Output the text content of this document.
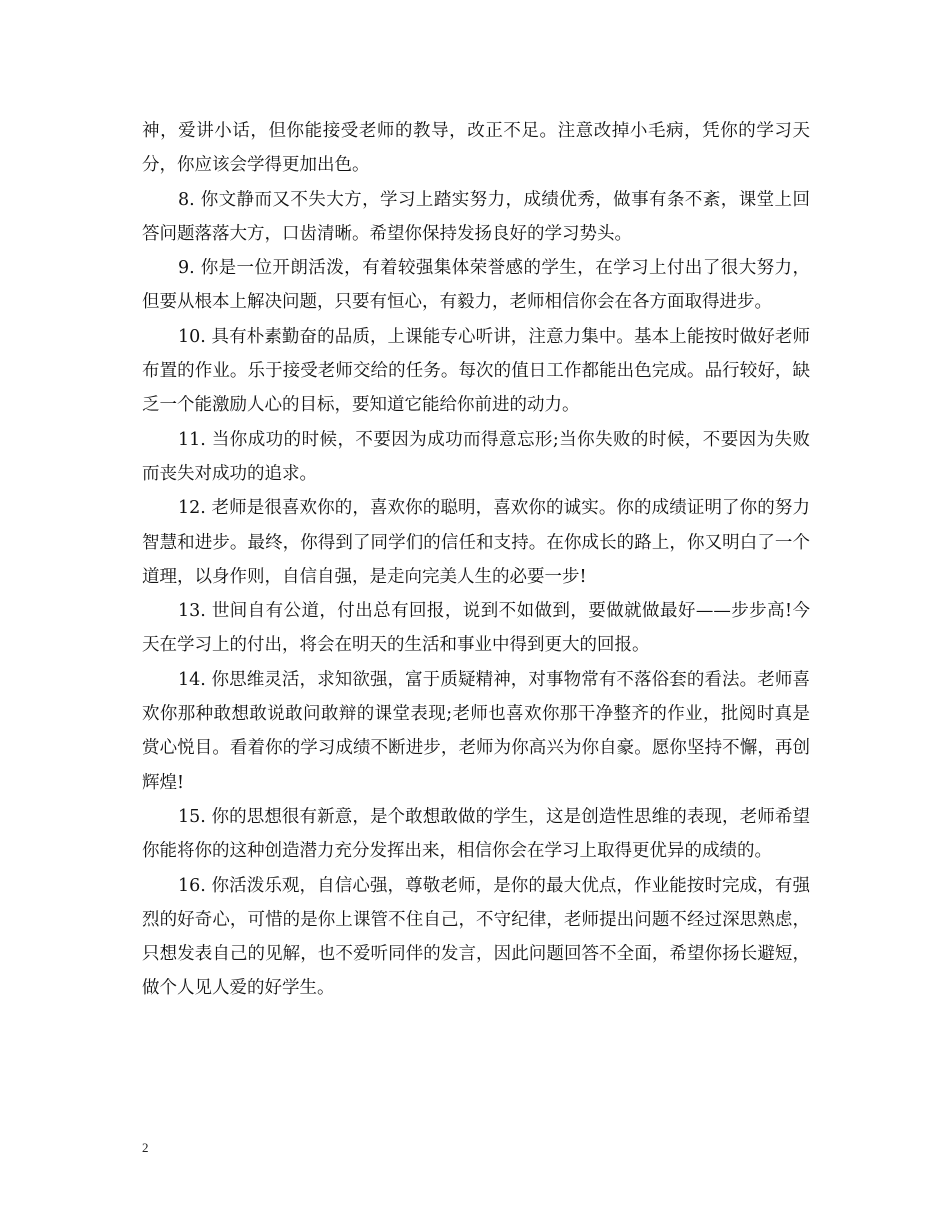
神，爱讲小话，但你能接受老师的教导，改正不足。注意改掉小毛病，凭你的学习天分，你应该会学得更加出色。

8. 你文静而又不失大方，学习上踏实努力，成绩优秀，做事有条不紊，课堂上回答问题落落大方，口齿清晰。希望你保持发扬良好的学习势头。

9. 你是一位开朗活泼，有着较强集体荣誉感的学生，在学习上付出了很大努力，但要从根本上解决问题，只要有恒心，有毅力，老师相信你会在各方面取得进步。

10. 具有朴素勤奋的品质，上课能专心听讲，注意力集中。基本上能按时做好老师布置的作业。乐于接受老师交给的任务。每次的值日工作都能出色完成。品行较好，缺乏一个能激励人心的目标，要知道它能给你前进的动力。

11. 当你成功的时候，不要因为成功而得意忘形;当你失败的时候，不要因为失败而丧失对成功的追求。

12. 老师是很喜欢你的，喜欢你的聪明，喜欢你的诚实。你的成绩证明了你的努力智慧和进步。最终，你得到了同学们的信任和支持。在你成长的路上，你又明白了一个道理，以身作则，自信自强，是走向完美人生的必要一步!

13. 世间自有公道，付出总有回报，说到不如做到，要做就做最好——步步高!今天在学习上的付出，将会在明天的生活和事业中得到更大的回报。

14. 你思维灵活，求知欲强，富于质疑精神，对事物常有不落俗套的看法。老师喜欢你那种敢想敢说敢问敢辩的课堂表现;老师也喜欢你那干净整齐的作业，批阅时真是赏心悦目。看着你的学习成绩不断进步，老师为你高兴为你自豪。愿你坚持不懈，再创辉煌!

15. 你的思想很有新意，是个敢想敢做的学生，这是创造性思维的表现，老师希望你能将你的这种创造潜力充分发挥出来，相信你会在学习上取得更优异的成绩的。

16. 你活泼乐观，自信心强，尊敬老师，是你的最大优点，作业能按时完成，有强烈的好奇心，可惜的是你上课管不住自己，不守纪律，老师提出问题不经过深思熟虑，只想发表自己的见解，也不爱听同伴的发言，因此问题回答不全面，希望你扬长避短，做个人见人爱的好学生。

2
